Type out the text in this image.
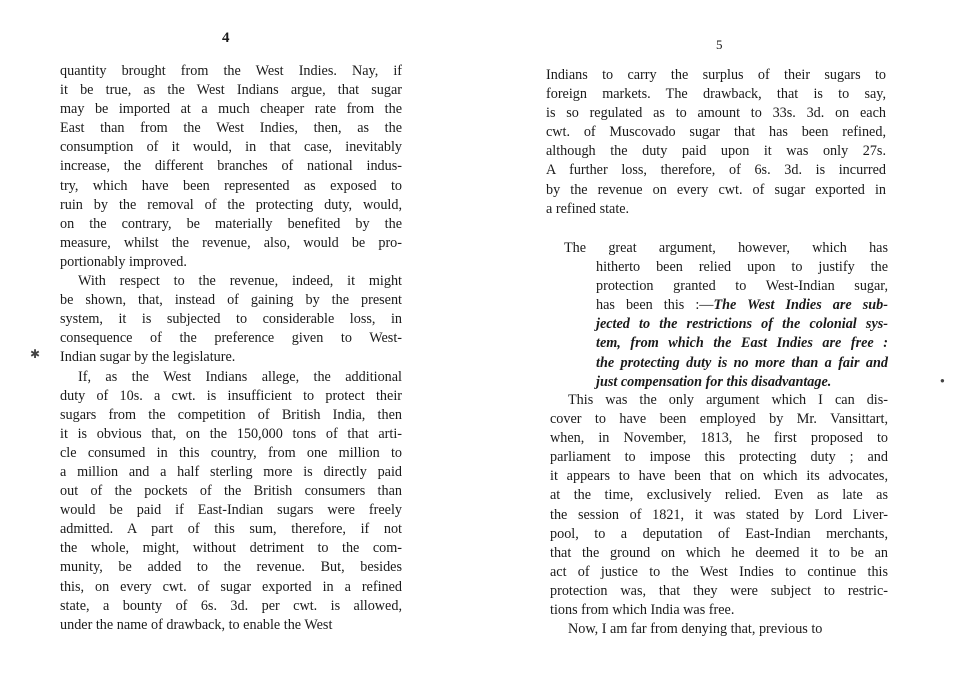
4
quantity brought from the West Indies. Nay, if
it be true, as the West Indians argue, that sugar
may be imported at a much cheaper rate from the
East than from the West Indies, then, as the
consumption of it would, in that case, inevitably
increase, the different branches of national indus-
try, which have been represented as exposed to
ruin by the removal of the protecting duty, would,
on the contrary, be materially benefited by the
measure, whilst the revenue, also, would be pro-
portionably improved.
With respect to the revenue, indeed, it might
be shown, that, instead of gaining by the present
system, it is subjected to considerable loss, in
consequence of the preference given to West-
Indian sugar by the legislature.
If, as the West Indians allege, the additional
duty of 10s. a cwt. is insufficient to protect their
sugars from the competition of British India, then
it is obvious that, on the 150,000 tons of that arti-
cle consumed in this country, from one million to
a million and a half sterling more is directly paid
out of the pockets of the British consumers than
would be paid if East-Indian sugars were freely
admitted. A part of this sum, therefore, if not
the whole, might, without detriment to the com-
munity, be added to the revenue. But, besides
this, on every cwt. of sugar exported in a refined
state, a bounty of 6s. 3d. per cwt. is allowed,
under the name of drawback, to enable the West
✱
5
Indians to carry the surplus of their sugars to
foreign markets. The drawback, that is to say,
is so regulated as to amount to 33s. 3d. on each
cwt. of Muscovado sugar that has been refined,
although the duty paid upon it was only 27s.
A further loss, therefore, of 6s. 3d. is incurred
by the revenue on every cwt. of sugar exported in
a refined state.
The great argument, however, which has
hitherto been relied upon to justify the
protection granted to West-Indian sugar,
has been this :—The West Indies are sub-
jected to the restrictions of the colonial sys-
tem, from which the East Indies are free :
the protecting duty is no more than a fair and
just compensation for this disadvantage.
This was the only argument which I can dis-
cover to have been employed by Mr. Vansittart,
when, in November, 1813, he first proposed to
parliament to impose this protecting duty ; and
it appears to have been that on which its advocates,
at the time, exclusively relied. Even as late as
the session of 1821, it was stated by Lord Liver-
pool, to a deputation of East-Indian merchants,
that the ground on which he deemed it to be an
act of justice to the West Indies to continue this
protection was, that they were subject to restric-
tions from which India was free.
Now, I am far from denying that, previous to
●
